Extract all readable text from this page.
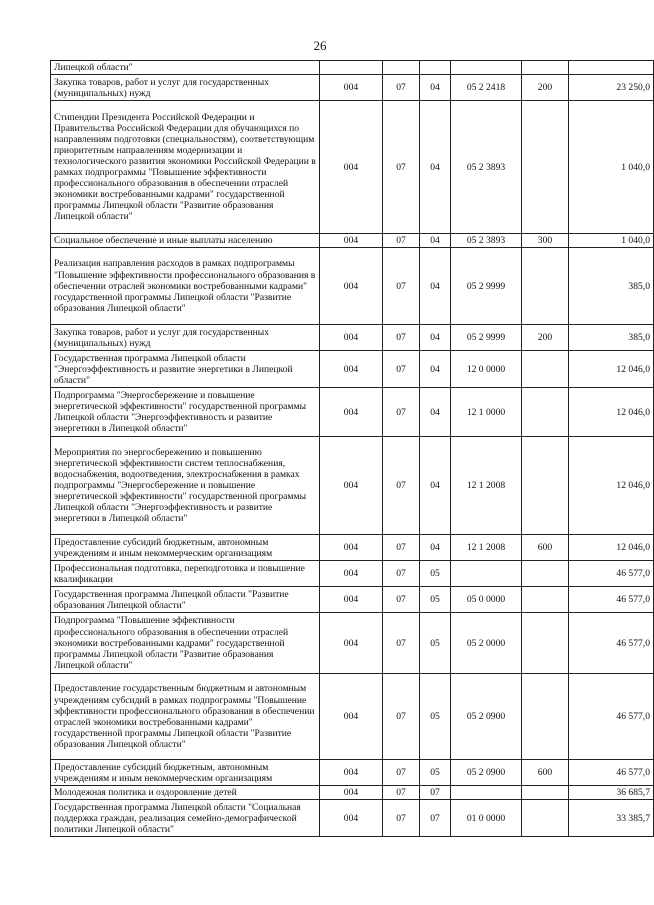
26
Липецкой области"						
Закупка товаров, работ и услуг для государственных (муниципальных) нужд	004	07	04	05 2 2418	200	23 250,0
Стипендии Президента Российской Федерации и Правительства Российской Федерации для обучающихся по направлениям подготовки (специальностям), соответствующим приоритетным направлениям модернизации и технологического развития экономики Российской Федерации в рамках подпрограммы "Повышение эффективности профессионального образования в обеспечении отраслей экономики востребованными кадрами" государственной программы Липецкой области "Развитие образования Липецкой области"	004	07	04	05 2 3893		1 040,0
Социальное обеспечение и иные выплаты населению	004	07	04	05 2 3893	300	1 040,0
Реализация направления расходов в рамках подпрограммы "Повышение эффективности профессионального образования в обеспечении отраслей экономики востребованными кадрами" государственной программы Липецкой области "Развитие образования Липецкой области"	004	07	04	05 2 9999		385,0
Закупка товаров, работ и услуг для государственных (муниципальных) нужд	004	07	04	05 2 9999	200	385,0
Государственная программа Липецкой области "Энергоэффективность и развитие энергетики в Липецкой области"	004	07	04	12 0 0000		12 046,0
Подпрограмма "Энергосбережение и повышение энергетической эффективности" государственной программы Липецкой области "Энергоэффективность и развитие энергетики в Липецкой области"	004	07	04	12 1 0000		12 046,0
Мероприятия по энергосбережению и повышению энергетической эффективности систем теплоснабжения, водоснабжения, водоотведения, электроснабжения в рамках подпрограммы "Энергосбережение и повышение энергетической эффективности" государственной программы Липецкой области "Энергоэффективность и развитие энергетики в Липецкой области"	004	07	04	12 1 2008		12 046,0
Предоставление субсидий бюджетным, автономным учреждениям и иным некоммерческим организациям	004	07	04	12 1 2008	600	12 046,0
Профессиональная подготовка, переподготовка и повышение квалификации	004	07	05			46 577,0
Государственная программа Липецкой области "Развитие образования Липецкой области"	004	07	05	05 0 0000		46 577,0
Подпрограмма "Повышение эффективности профессионального образования в обеспечении отраслей экономики востребованными кадрами" государственной программы Липецкой области "Развитие образования Липецкой области"	004	07	05	05 2 0000		46 577,0
Предоставление государственным бюджетным и автономным учреждениям субсидий в рамках подпрограммы "Повышение эффективности профессионального образования в обеспечении отраслей экономики востребованными кадрами" государственной программы Липецкой области "Развитие образования Липецкой области"	004	07	05	05 2 0900		46 577,0
Предоставление субсидий бюджетным, автономным учреждениям и иным некоммерческим организациям	004	07	05	05 2 0900	600	46 577,0
Молодежная политика и оздоровление детей	004	07	07			36 685,7
Государственная программа Липецкой области "Социальная поддержка граждан, реализация семейно-демографической политики Липецкой области"	004	07	07	01 0 0000		33 385,7
